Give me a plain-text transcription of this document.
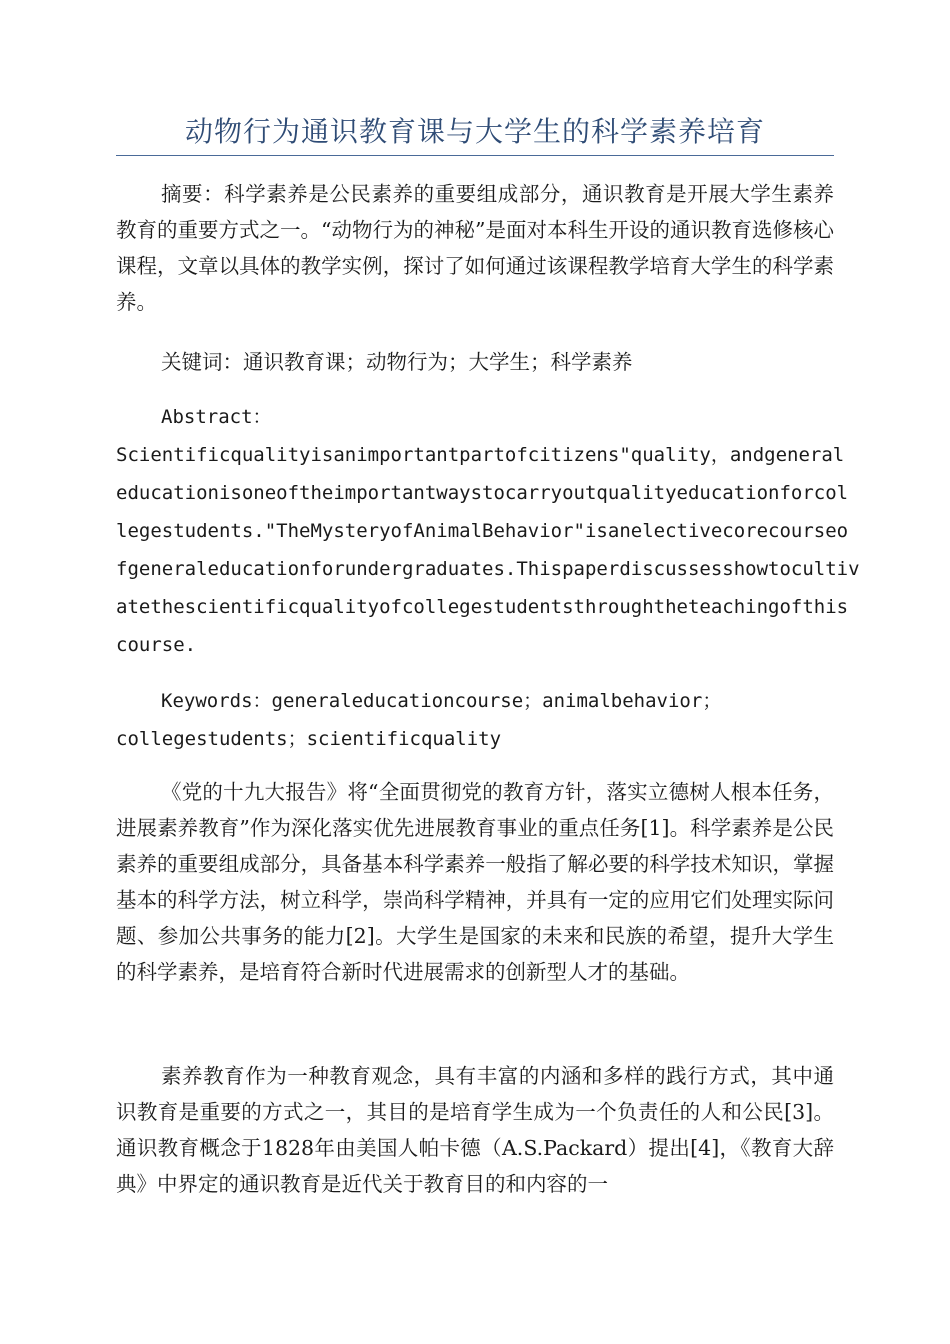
动物行为通识教育课与大学生的科学素养培育

摘要：科学素养是公民素养的重要组成部分，通识教育是开展大学生素养教育的重要方式之一。“动物行为的神秘”是面对本科生开设的通识教育选修核心课程，文章以具体的教学实例，探讨了如何通过该课程教学培育大学生的科学素养。

关键词：通识教育课；动物行为；大学生；科学素养

Abstract：
Scientificqualityisanimportantpartofcitizens"quality，andgeneral
educationisoneoftheimportantwaystocarryoutqualityeducationforcol
legestudents."TheMysteryofAnimalBehavior"isanelectivecorecourseo
fgeneraleducationforundergraduates.Thispaperdiscussesshowtocultiv
atethescientificqualityofcollegestudentsthroughtheteachingofthis
course.
Keywords：generaleducationcourse；animalbehavior；
collegestudents；scientificquality

《党的十九大报告》将“全面贯彻党的教育方针，落实立德树人根本任务，进展素养教育”作为深化落实优先进展教育事业的重点任务[1]。科学素养是公民素养的重要组成部分，具备基本科学素养一般指了解必要的科学技术知识，掌握基本的科学方法，树立科学，崇尚科学精神，并具有一定的应用它们处理实际问题、参加公共事务的能力[2]。大学生是国家的未来和民族的希望，提升大学生的科学素养，是培育符合新时代进展需求的创新型人才的基础。

素养教育作为一种教育观念，具有丰富的内涵和多样的践行方式，其中通识教育是重要的方式之一，其目的是培育学生成为一个负责任的人和公民[3]。通识教育概念于1828年由美国人帕卡德（A.S.Packard）提出[4]，《教育大辞典》中界定的通识教育是近代关于教育目的和内容的一
